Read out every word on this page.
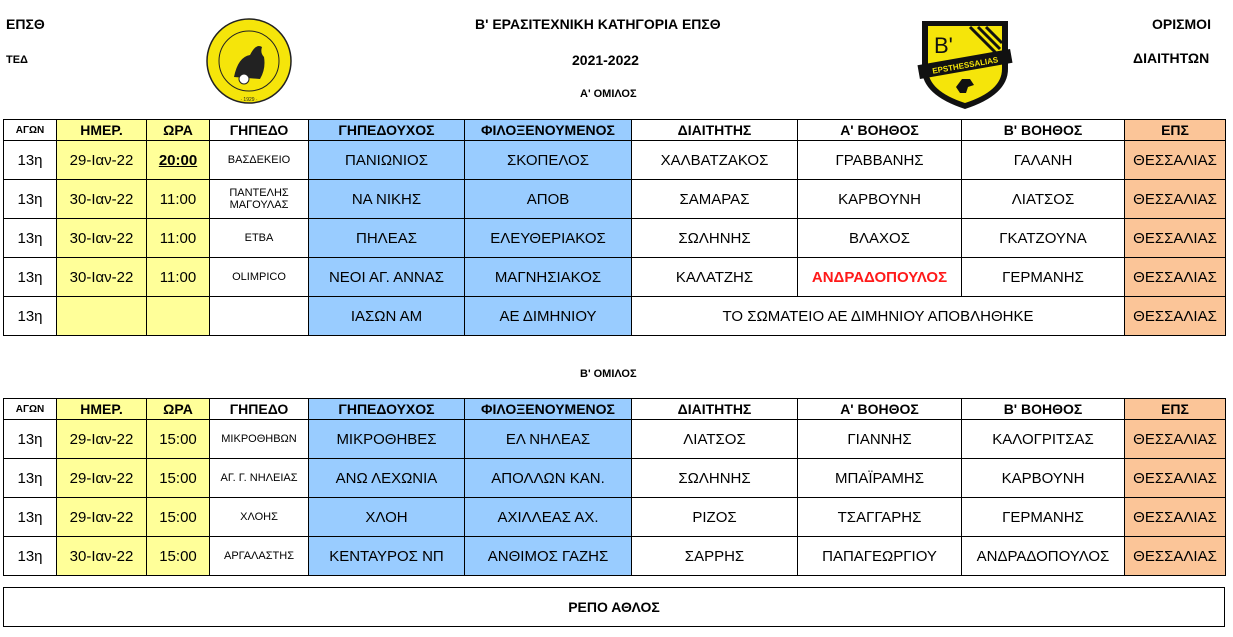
ΕΠΣΘ
ΤΕΔ
· 1929 ·
Β' ΕΡΑΣΙΤΕΧΝΙΚΗ ΚΑΤΗΓΟΡΙΑ ΕΠΣΘ
2021-2022
Α' ΟΜΙΛΟΣ
B'
EPSTHESSALIAS
ΟΡΙΣΜΟΙ
ΔΙΑΙΤΗΤΩΝ
ΑΓΩΝ	ΗΜΕΡ.	ΩΡΑ	ΓΗΠΕΔΟ	ΓΗΠΕΔΟΥΧΟΣ	ΦΙΛΟΞΕΝΟΥΜΕΝΟΣ	ΔΙΑΙΤΗΤΗΣ	Α' ΒΟΗΘΟΣ	Β' ΒΟΗΘΟΣ	ΕΠΣ
13η	29-Ιαν-22	20:00	ΒΑΣΔΕΚΕΙΟ	ΠΑΝΙΩΝΙΟΣ	ΣΚΟΠΕΛΟΣ	ΧΑΛΒΑΤΖΑΚΟΣ	ΓΡΑΒΒΑΝΗΣ	ΓΑΛΑΝΗ	ΘΕΣΣΑΛΙΑΣ
13η	30-Ιαν-22	11:00	ΠΑΝΤΕΛΗΣ ΜΑΓΟΥΛΑΣ	ΝΑ ΝΙΚΗΣ	ΑΠΟΒ	ΣΑΜΑΡΑΣ	ΚΑΡΒΟΥΝΗ	ΛΙΑΤΣΟΣ	ΘΕΣΣΑΛΙΑΣ
13η	30-Ιαν-22	11:00	ΕΤΒΑ	ΠΗΛΕΑΣ	ΕΛΕΥΘΕΡΙΑΚΟΣ	ΣΩΛΗΝΗΣ	ΒΛΑΧΟΣ	ΓΚΑΤΖΟΥΝΑ	ΘΕΣΣΑΛΙΑΣ
13η	30-Ιαν-22	11:00	OLIMPICO	ΝΕΟΙ ΑΓ. ΑΝΝΑΣ	ΜΑΓΝΗΣΙΑΚΟΣ	ΚΑΛΑΤΖΗΣ	ΑΝΔΡΑΔΟΠΟΥΛΟΣ	ΓΕΡΜΑΝΗΣ	ΘΕΣΣΑΛΙΑΣ
13η				ΙΑΣΩΝ ΑΜ	ΑΕ ΔΙΜΗΝΙΟΥ	ΤΟ ΣΩΜΑΤΕΙΟ ΑΕ ΔΙΜΗΝΙΟΥ ΑΠΟΒΛΗΘΗΚΕ			ΘΕΣΣΑΛΙΑΣ
Β' ΟΜΙΛΟΣ
ΑΓΩΝ	ΗΜΕΡ.	ΩΡΑ	ΓΗΠΕΔΟ	ΓΗΠΕΔΟΥΧΟΣ	ΦΙΛΟΞΕΝΟΥΜΕΝΟΣ	ΔΙΑΙΤΗΤΗΣ	Α' ΒΟΗΘΟΣ	Β' ΒΟΗΘΟΣ	ΕΠΣ
13η	29-Ιαν-22	15:00	ΜΙΚΡΟΘΗΒΩΝ	ΜΙΚΡΟΘΗΒΕΣ	ΕΛ ΝΗΛΕΑΣ	ΛΙΑΤΣΟΣ	ΓΙΑΝΝΗΣ	ΚΑΛΟΓΡΙΤΣΑΣ	ΘΕΣΣΑΛΙΑΣ
13η	29-Ιαν-22	15:00	ΑΓ. Γ. ΝΗΛΕΙΑΣ	ΑΝΩ ΛΕΧΩΝΙΑ	ΑΠΟΛΛΩΝ ΚΑΝ.	ΣΩΛΗΝΗΣ	ΜΠΑΪΡΑΜΗΣ	ΚΑΡΒΟΥΝΗ	ΘΕΣΣΑΛΙΑΣ
13η	29-Ιαν-22	15:00	ΧΛΟΗΣ	ΧΛΟΗ	ΑΧΙΛΛΕΑΣ ΑΧ.	ΡΙΖΟΣ	ΤΣΑΓΓΑΡΗΣ	ΓΕΡΜΑΝΗΣ	ΘΕΣΣΑΛΙΑΣ
13η	30-Ιαν-22	15:00	ΑΡΓΑΛΑΣΤΗΣ	ΚΕΝΤΑΥΡΟΣ ΝΠ	ΑΝΘΙΜΟΣ ΓΑΖΗΣ	ΣΑΡΡΗΣ	ΠΑΠΑΓΕΩΡΓΙΟΥ	ΑΝΔΡΑΔΟΠΟΥΛΟΣ	ΘΕΣΣΑΛΙΑΣ
ΡΕΠΟ ΑΘΛΟΣ
